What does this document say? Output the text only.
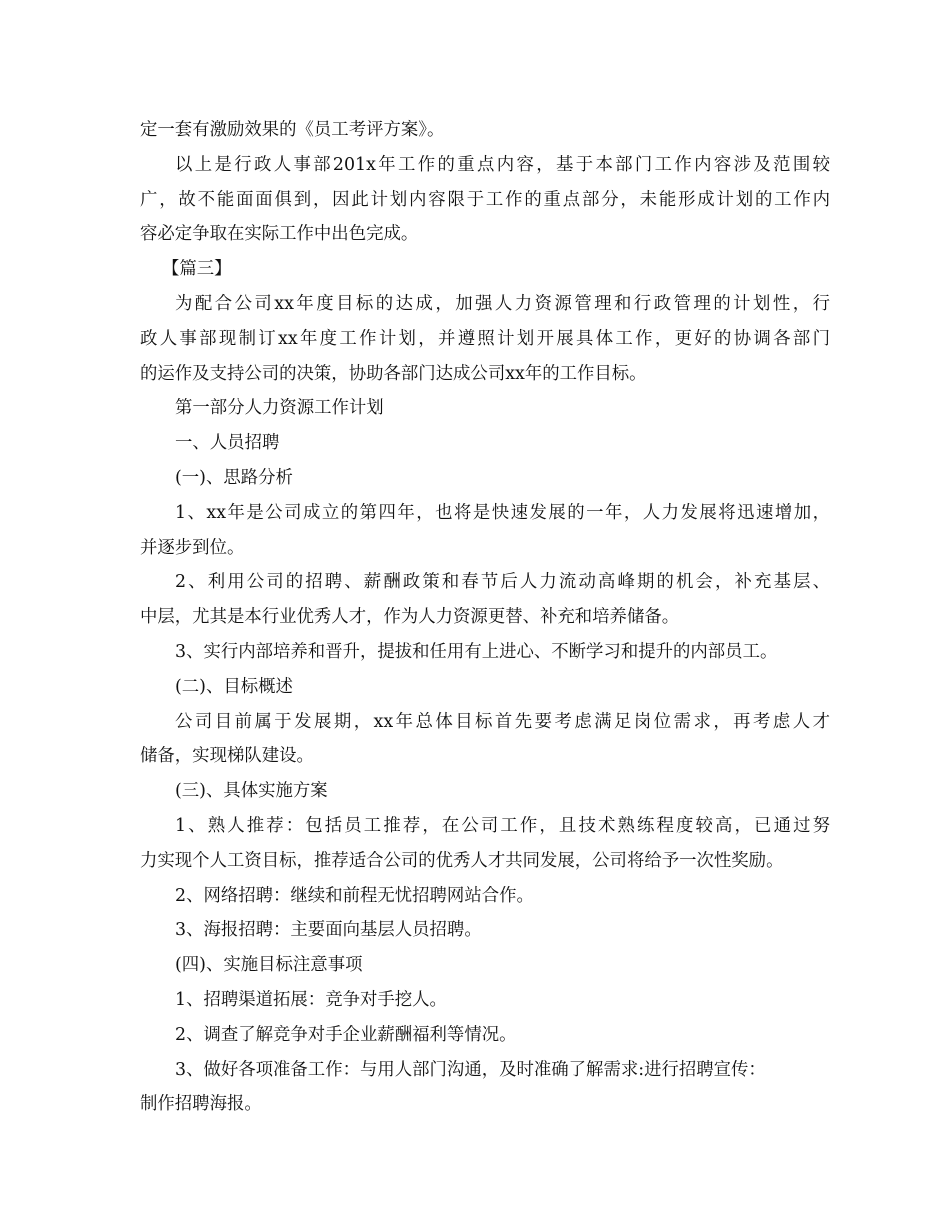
定一套有激励效果的《员工考评方案》。
以上是行政人事部201x年工作的重点内容，基于本部门工作内容涉及范围较
广，故不能面面俱到，因此计划内容限于工作的重点部分，未能形成计划的工作内
容必定争取在实际工作中出色完成。
【篇三】
为配合公司xx年度目标的达成，加强人力资源管理和行政管理的计划性，行
政人事部现制订xx年度工作计划，并遵照计划开展具体工作，更好的协调各部门
的运作及支持公司的决策，协助各部门达成公司xx年的工作目标。
第一部分人力资源工作计划
一、人员招聘
(一)、思路分析
1、xx年是公司成立的第四年，也将是快速发展的一年，人力发展将迅速增加，
并逐步到位。
2、利用公司的招聘、薪酬政策和春节后人力流动高峰期的机会，补充基层、
中层，尤其是本行业优秀人才，作为人力资源更替、补充和培养储备。
3、实行内部培养和晋升，提拔和任用有上进心、不断学习和提升的内部员工。
(二)、目标概述
公司目前属于发展期，xx年总体目标首先要考虑满足岗位需求，再考虑人才
储备，实现梯队建设。
(三)、具体实施方案
1、熟人推荐：包括员工推荐，在公司工作，且技术熟练程度较高，已通过努
力实现个人工资目标，推荐适合公司的优秀人才共同发展，公司将给予一次性奖励。
2、网络招聘：继续和前程无忧招聘网站合作。
3、海报招聘：主要面向基层人员招聘。
(四)、实施目标注意事项
1、招聘渠道拓展：竞争对手挖人。
2、调查了解竞争对手企业薪酬福利等情况。
3、做好各项准备工作：与用人部门沟通，及时准确了解需求:进行招聘宣传：
制作招聘海报。
